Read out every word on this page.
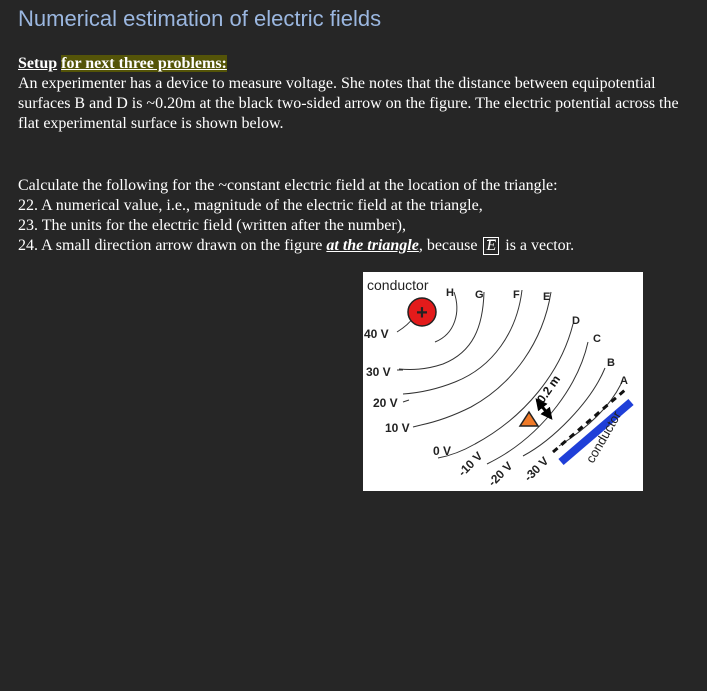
Numerical estimation of electric fields
Setup for next three problems:
An experimenter has a device to measure voltage. She notes that the distance between equipotential surfaces B and D is ~0.20m at the black two-sided arrow on the figure. The electric potential across the flat experimental surface is shown below.
Calculate the following for the ~constant electric field at the location of the triangle:
22. A numerical value, i.e., magnitude of the electric field at the triangle,
23. The units for the electric field (written after the number),
24. A small direction arrow drawn on the figure at the triangle, because E is a vector.
conductor
+
H G	F E
D
C
B
A
40 V
30 V
20 V
10 V
0 V -10 V -20 V -30 V
conductor
0.2 m
